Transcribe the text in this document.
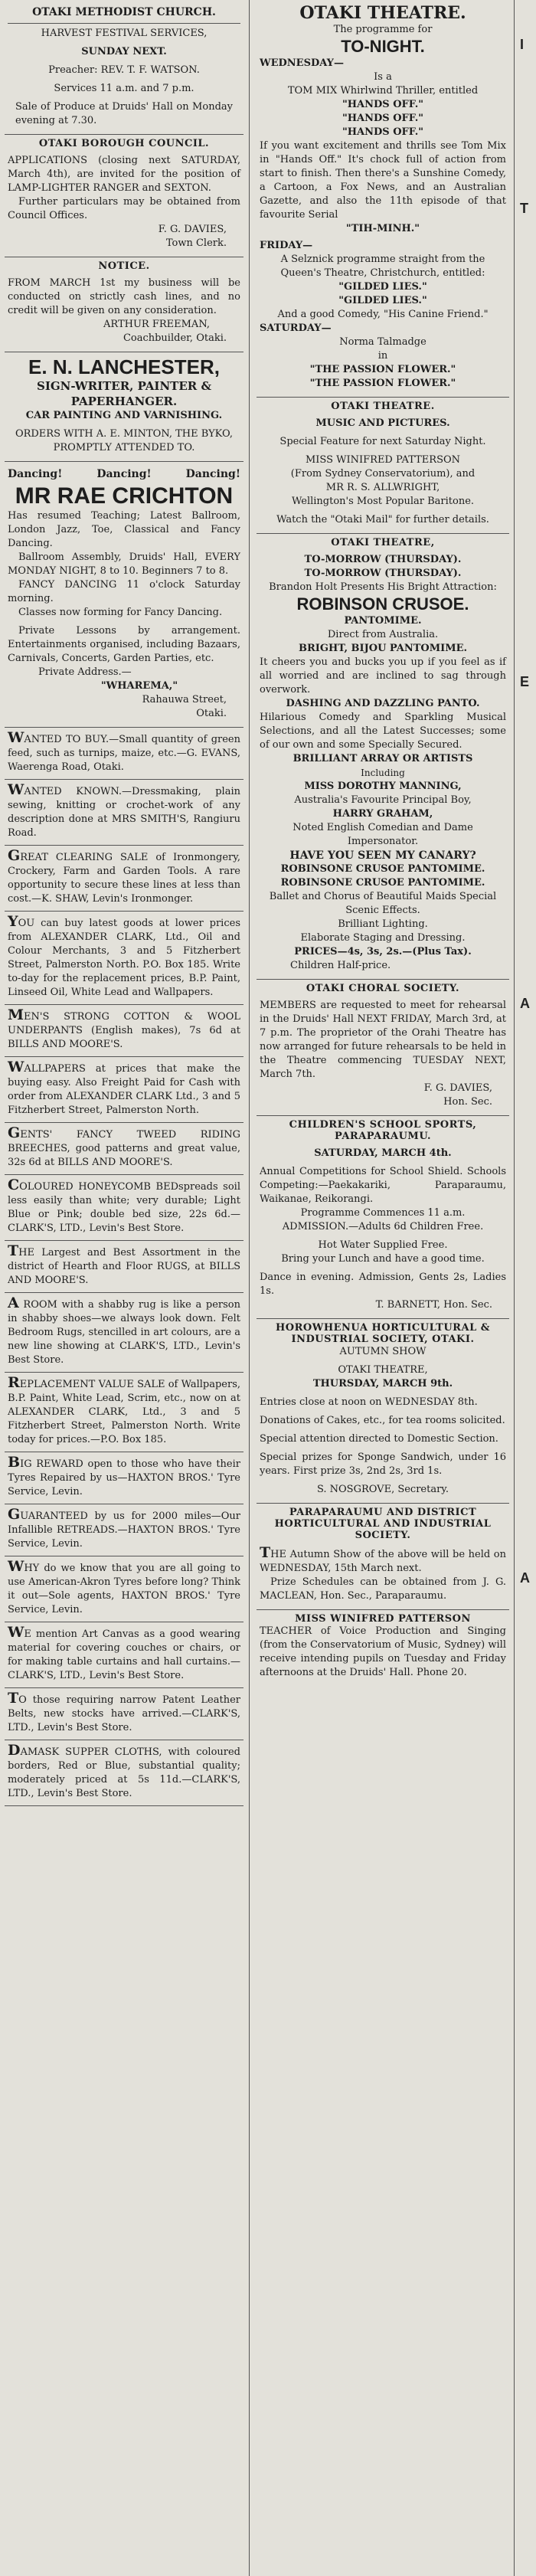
OTAKI METHODIST CHURCH.
HARVEST FESTIVAL SERVICES,
SUNDAY NEXT.
Preacher: REV. T. F. WATSON.
Services 11 a.m. and 7 p.m.
Sale of Produce at Druids' Hall on Monday evening at 7.30.
OTAKI BOROUGH COUNCIL.
APPLICATIONS (closing next SATURDAY, March 4th), are invited for the position of LAMP-LIGHTER RANGER and SEXTON.
Further particulars may be obtained from Council Offices.
F. G. DAVIES,
Town Clerk.
NOTICE.
FROM MARCH 1st my business will be conducted on strictly cash lines, and no credit will be given on any consideration.
ARTHUR FREEMAN,
Coachbuilder, Otaki.
E. N. LANCHESTER,
SIGN-WRITER, PAINTER & PAPERHANGER.
CAR PAINTING AND VARNISHING.
ORDERS WITH A. E. MINTON, THE BYKO, PROMPTLY ATTENDED TO.
Dancing!	Dancing!	Dancing!
MR RAE CRICHTON
Has resumed Teaching; Latest Ballroom, London Jazz, Toe, Classical and Fancy Dancing.
Ballroom Assembly, Druids' Hall, EVERY MONDAY NIGHT, 8 to 10. Beginners 7 to 8.
FANCY DANCING 11 o'clock Saturday morning.
Classes now forming for Fancy Dancing.
Private Lessons by arrangement. Entertainments organised, including Bazaars, Carnivals, Concerts, Garden Parties, etc.
Private Address.—
"WHAREMA,"
Rahauwa Street,
Otaki.

WANTED TO BUY.—Small quantity of green feed, such as turnips, maize, etc.—G. EVANS, Waerenga Road, Otaki.

WANTED KNOWN.—Dressmaking, plain sewing, knitting or crochet-work of any description done at MRS SMITH'S, Rangiuru Road.

GREAT CLEARING SALE of Ironmongery, Crockery, Farm and Garden Tools. A rare opportunity to secure these lines at less than cost.—K. SHAW, Levin's Ironmonger.

YOU can buy latest goods at lower prices from ALEXANDER CLARK, Ltd., Oil and Colour Merchants, 3 and 5 Fitzherbert Street, Palmerston North. P.O. Box 185. Write to-day for the replacement prices, B.P. Paint, Linseed Oil, White Lead and Wallpapers.

MEN'S STRONG COTTON & WOOL UNDERPANTS (English makes), 7s 6d at BILLS AND MOORE'S.

WALLPAPERS at prices that make the buying easy. Also Freight Paid for Cash with order from ALEXANDER CLARK Ltd., 3 and 5 Fitzherbert Street, Palmerston North.

GENTS' FANCY TWEED RIDING BREECHES, good patterns and great value, 32s 6d at BILLS AND MOORE'S.

COLOURED HONEYCOMB BEDspreads soil less easily than white; very durable; Light Blue or Pink; double bed size, 22s 6d.—CLARK'S, LTD., Levin's Best Store.

THE Largest and Best Assortment in the district of Hearth and Floor RUGS, at BILLS AND MOORE'S.

A ROOM with a shabby rug is like a person in shabby shoes—we always look down. Felt Bedroom Rugs, stencilled in art colours, are a new line showing at CLARK'S, LTD., Levin's Best Store.

REPLACEMENT VALUE SALE of Wallpapers, B.P. Paint, White Lead, Scrim, etc., now on at ALEXANDER CLARK, Ltd., 3 and 5 Fitzherbert Street, Palmerston North. Write today for prices.—P.O. Box 185.

BIG REWARD open to those who have their Tyres Repaired by us—HAXTON BROS.' Tyre Service, Levin.

GUARANTEED by us for 2000 miles—Our Infallible RETREADS.—HAXTON BROS.' Tyre Service, Levin.

WHY do we know that you are all going to use American-Akron Tyres before long? Think it out—Sole agents, HAXTON BROS.' Tyre Service, Levin.

WE mention Art Canvas as a good wearing material for covering couches or chairs, or for making table curtains and hall curtains.—CLARK'S, LTD., Levin's Best Store.

TO those requiring narrow Patent Leather Belts, new stocks have arrived.—CLARK'S, LTD., Levin's Best Store.

DAMASK SUPPER CLOTHS, with coloured borders, Red or Blue, substantial quality; moderately priced at 5s 11d.—CLARK'S, LTD., Levin's Best Store.

OTAKI THEATRE.
The programme for
TO-NIGHT.
WEDNESDAY—
Is a
TOM MIX Whirlwind Thriller, entitled
"HANDS OFF."
"HANDS OFF."
"HANDS OFF."
If you want excitement and thrills see Tom Mix in "Hands Off." It's chock full of action from start to finish. Then there's a Sunshine Comedy, a Cartoon, a Fox News, and an Australian Gazette, and also the 11th episode of that favourite Serial
"TIH-MINH."
FRIDAY—
A Selznick programme straight from the Queen's Theatre, Christchurch, entitled:
"GILDED LIES."
"GILDED LIES."
And a good Comedy, "His Canine Friend."
SATURDAY—
Norma Talmadge
in
"THE PASSION FLOWER."
"THE PASSION FLOWER."
OTAKI THEATRE.
MUSIC AND PICTURES.
Special Feature for next Saturday Night.
MISS WINIFRED PATTERSON
(From Sydney Conservatorium), and
MR R. S. ALLWRIGHT,
Wellington's Most Popular Baritone.
Watch the "Otaki Mail" for further details.
OTAKI THEATRE,
TO-MORROW (THURSDAY).
TO-MORROW (THURSDAY).
Brandon Holt Presents His Bright Attraction:
ROBINSON CRUSOE.
PANTOMIME.
Direct from Australia.
BRIGHT, BIJOU PANTOMIME.
It cheers you and bucks you up if you feel as if all worried and are inclined to sag through overwork.
DASHING AND DAZZLING PANTO.
Hilarious Comedy and Sparkling Musical Selections, and all the Latest Successes; some of our own and some Specially Secured.
BRILLIANT ARRAY OR ARTISTS
Including
MISS DOROTHY MANNING,
Australia's Favourite Principal Boy,
HARRY GRAHAM,
Noted English Comedian and Dame Impersonator.
HAVE YOU SEEN MY CANARY?
ROBINSONE CRUSOE PANTOMIME.
ROBINSONE CRUSOE PANTOMIME.
Ballet and Chorus of Beautiful Maids Special Scenic Effects.
Brilliant Lighting.
Elaborate Staging and Dressing.
PRICES—4s, 3s, 2s.—(Plus Tax).
Children Half-price.
OTAKI CHORAL SOCIETY.
MEMBERS are requested to meet for rehearsal in the Druids' Hall NEXT FRIDAY, March 3rd, at 7 p.m. The proprietor of the Orahi Theatre has now arranged for future rehearsals to be held in the Theatre commencing TUESDAY NEXT, March 7th.
F. G. DAVIES,
Hon. Sec.
CHILDREN'S SCHOOL SPORTS, PARAPARAUMU.
SATURDAY, MARCH 4th.
Annual Competitions for School Shield. Schools Competing:—Paekakariki, Paraparaumu, Waikanae, Reikorangi.
Programme Commences 11 a.m.
ADMISSION.—Adults 6d Children Free.
Hot Water Supplied Free.
Bring your Lunch and have a good time.
Dance in evening. Admission, Gents 2s, Ladies 1s.
T. BARNETT, Hon. Sec.
HOROWHENUA HORTICULTURAL & INDUSTRIAL SOCIETY, OTAKI.
AUTUMN SHOW
OTAKI THEATRE,
THURSDAY, MARCH 9th.
Entries close at noon on WEDNESDAY 8th.
Donations of Cakes, etc., for tea rooms solicited.
Special attention directed to Domestic Section.
Special prizes for Sponge Sandwich, under 16 years. First prize 3s, 2nd 2s, 3rd 1s.
S. NOSGROVE, Secretary.
PARAPARAUMU AND DISTRICT HORTICULTURAL AND INDUSTRIAL SOCIETY.
THE Autumn Show of the above will be held on WEDNESDAY, 15th March next.
Prize Schedules can be obtained from J. G. MACLEAN, Hon. Sec., Paraparaumu.
MISS WINIFRED PATTERSON
TEACHER of Voice Production and Singing (from the Conservatorium of Music, Sydney) will receive intending pupils on Tuesday and Friday afternoons at the Druids' Hall. Phone 20.
I
T
E
A
A
